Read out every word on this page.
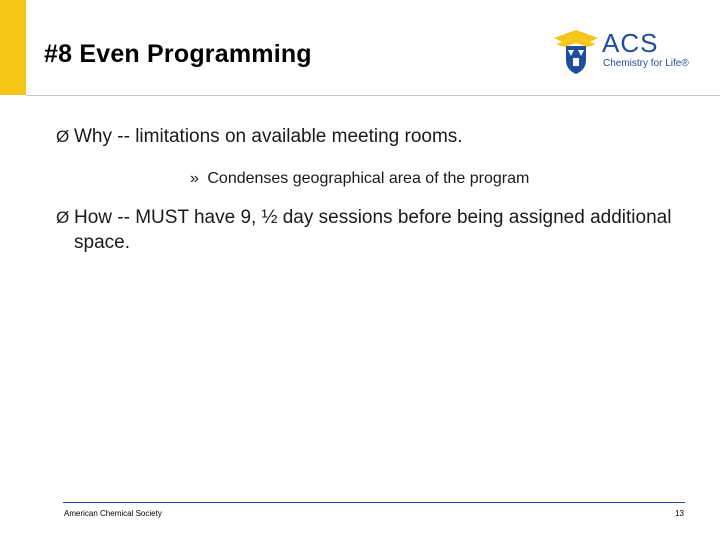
#8 Even Programming	ACS
Chemistry for Life®
Ø Why -- limitations on available meeting rooms.
» Condenses geographical area of the program
Ø How -- MUST have 9, ½ day sessions before being assigned additional space.
American Chemical Society	13
